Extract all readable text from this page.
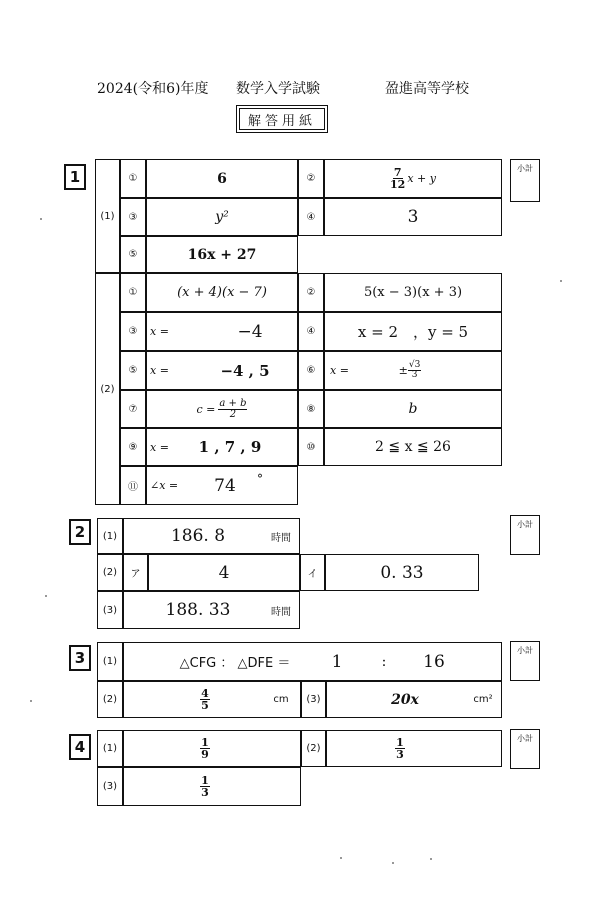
2024(令和6)年度 数学入学試験	盈進高等学校
解答用紙
1	小計
(1)
①	6	②	$\frac{7}{12}$ x + y
③	y²	④	3
⑤	16x + 27
(2)
①	(x + 4)(x − 7)	②	5(x − 3)(x + 3)
③	x =	−4	④	x = 2　，y = 5
⑤	x =	−4 , 5	⑥	x =	± $\frac{√3}{3}$
⑦	$c = \frac{a + b}{2}$	⑧	b
⑨	x =	1 , 7 , 9	⑩	2 ≦ x ≦ 26
⑪	∠x =	74	°
2	小計
(1)	186. 8	時間
(2)	ア	4	イ	0. 33
(3)	188. 33	時間
3	小計
(1)	△CFG ： △DFE ＝	1	:	16
(2)	$\frac{4}{5}$	cm	(3)	20x	cm²
4	小計
(1)	$\frac{1}{9}$	(2)	$\frac{1}{3}$
(3)	$\frac{1}{3}$
